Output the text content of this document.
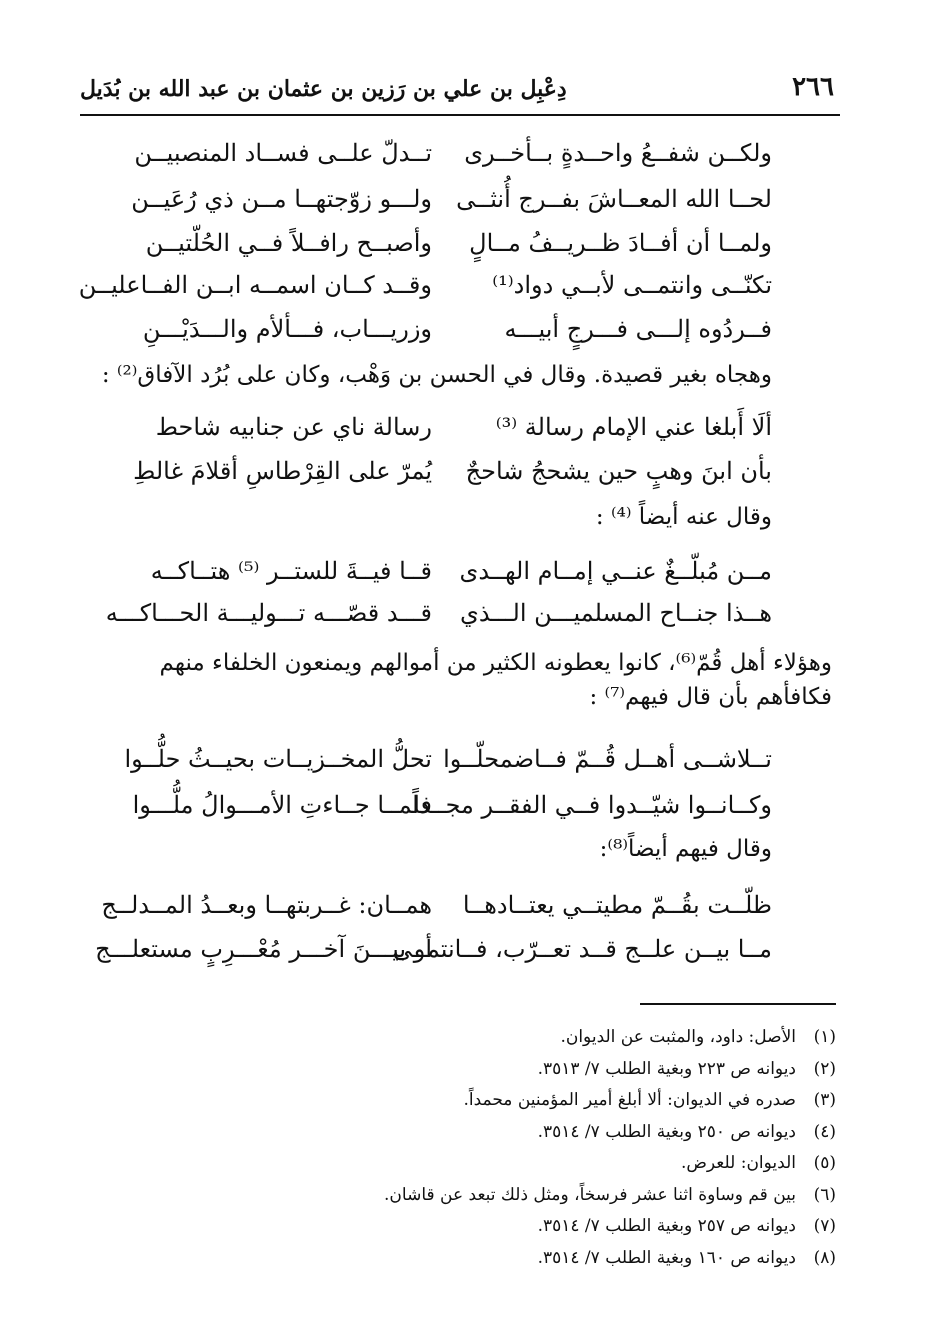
٢٦٦
دِعْبِل بن علي بن رَزين بن عثمان بن عبد الله بن بُدَيل
ولكــن شفــعُ واحــدةٍ بــأخــرى
تــدلّ علــى فســاد المنصبيــن
لحــا الله المعــاشَ بفــرج أُنثــى
ولـــو زوّجتهــا مــن ذي رُعَيــن
ولمــا أن أفــادَ ظــريــفُ مــالٍ
وأصبــح رافــلاً فــي الحُلّتيــن
تكنّــى وانتمــى لأبــي دواد⁽¹⁾
وقــد كــان اسمــه ابــن الفــاعليــن
فــردُوه إلـــى فـــرجٍ أبيـــه
وزريـــاب، فـــألأم والـــدَيْـــنِ
وهجاه بغير قصيدة. وقال في الحسن بن وَهْب، وكان على بُرُد الآفاق⁽²⁾ :
ألَا أَبلغا عني الإمام رسالة ⁽³⁾
رسالة ناي عن جنابيه شاحط
بأن ابنَ وهبٍ حين يشحجُ شاحجٌ
يُمرّ على القِرْطاسِ أقلامَ غالطِ
وقال عنه أيضاً ⁽⁴⁾ :
مــن مُبلّــغٌ عنــي إمــام الهــدى
قــا فيــةَ للستــر ⁽⁵⁾ هتــاكــه
هــذا جنــاح المسلميـــن الـــذي
قـــد قصّـــه تـــوليـــة الحـــاكـــه
وهؤلاء أهل قُمّ⁽⁶⁾، كانوا يعطونه الكثير من أموالهم ويمنعون الخلفاء منهم فكافأهم بأن قال فيهم⁽⁷⁾ :
تــلاشــى أهــل قُــمّ فــاضمحلّــوا
تحلُّ المخــزيــات بحيــثُ حلُّــوا
وكــانــوا شيّــدوا فــي الفقــر مجــداً
فلمــا جــاءتِ الأمـــوالُ ملُّـــوا
وقال فيهم أيضاً⁽⁸⁾:
ظلّــت بقُــمّ مطيتــي يعتــادهــا
همــان: غــربتهــا وبعــدُ المــدلــج
مــا بيــن علــج قــد تعــرّب، فــانتمــى
أو بيـــنَ آخـــر مُعْـــرِبٍ مستعلـــج
(١)الأصل: داود، والمثبت عن الديوان.
(٢)ديوانه ص ٢٢٣ وبغية الطلب ٧/ ٣٥١٣.
(٣)صدره في الديوان: ألا أبلغ أمير المؤمنين محمداً.
(٤)ديوانه ص ٢٥٠ وبغية الطلب ٧/ ٣٥١٤.
(٥)الديوان: للعرض.
(٦)بين قم وساوة اثنا عشر فرسخاً، ومثل ذلك تبعد عن قاشان.
(٧)ديوانه ص ٢٥٧ وبغية الطلب ٧/ ٣٥١٤.
(٨)ديوانه ص ١٦٠ وبغية الطلب ٧/ ٣٥١٤.
